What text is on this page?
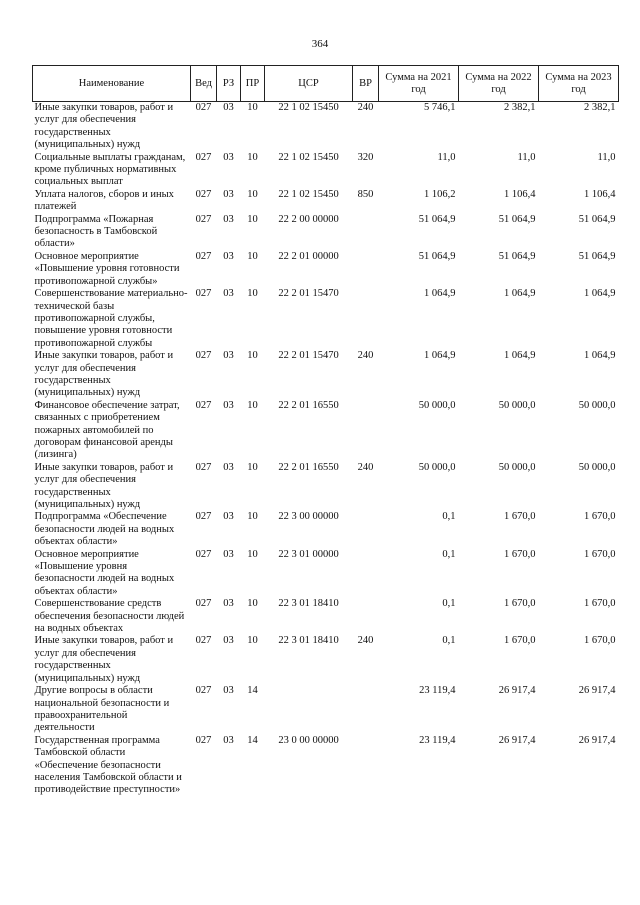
364
Наименование	Вед	РЗ	ПР	ЦСР	ВР	Сумма на 2021 год	Сумма на 2022 год	Сумма на 2023 год
Иные закупки товаров, работ и услуг для обеспечения государственных (муниципальных) нужд	027	03	10	22 1 02 15450	240	5 746,1	2 382,1	2 382,1
Социальные выплаты гражданам, кроме публичных нормативных социальных выплат	027	03	10	22 1 02 15450	320	11,0	11,0	11,0
Уплата налогов, сборов и иных платежей	027	03	10	22 1 02 15450	850	1 106,2	1 106,4	1 106,4
Подпрограмма «Пожарная безопасность в Тамбовской области»	027	03	10	22 2 00 00000		51 064,9	51 064,9	51 064,9
Основное мероприятие «Повышение уровня готовности противопожарной службы»	027	03	10	22 2 01 00000		51 064,9	51 064,9	51 064,9
Совершенствование материально-технической базы противопожарной службы, повышение уровня готовности противопожарной службы	027	03	10	22 2 01 15470		1 064,9	1 064,9	1 064,9
Иные закупки товаров, работ и услуг для обеспечения государственных (муниципальных) нужд	027	03	10	22 2 01 15470	240	1 064,9	1 064,9	1 064,9
Финансовое обеспечение затрат, связанных с приобретением пожарных автомобилей по договорам финансовой аренды (лизинга)	027	03	10	22 2 01 16550		50 000,0	50 000,0	50 000,0
Иные закупки товаров, работ и услуг для обеспечения государственных (муниципальных) нужд	027	03	10	22 2 01 16550	240	50 000,0	50 000,0	50 000,0
Подпрограмма «Обеспечение безопасности людей на водных объектах области»	027	03	10	22 3 00 00000		0,1	1 670,0	1 670,0
Основное мероприятие «Повышение уровня безопасности людей на водных объектах области»	027	03	10	22 3 01 00000		0,1	1 670,0	1 670,0
Совершенствование средств обеспечения безопасности людей на водных объектах	027	03	10	22 3 01 18410		0,1	1 670,0	1 670,0
Иные закупки товаров, работ и услуг для обеспечения государственных (муниципальных) нужд	027	03	10	22 3 01 18410	240	0,1	1 670,0	1 670,0
Другие вопросы в области национальной безопасности и правоохранительной деятельности	027	03	14			23 119,4	26 917,4	26 917,4
Государственная программа Тамбовской области «Обеспечение безопасности населения Тамбовской области и противодействие преступности»	027	03	14	23 0 00 00000		23 119,4	26 917,4	26 917,4
